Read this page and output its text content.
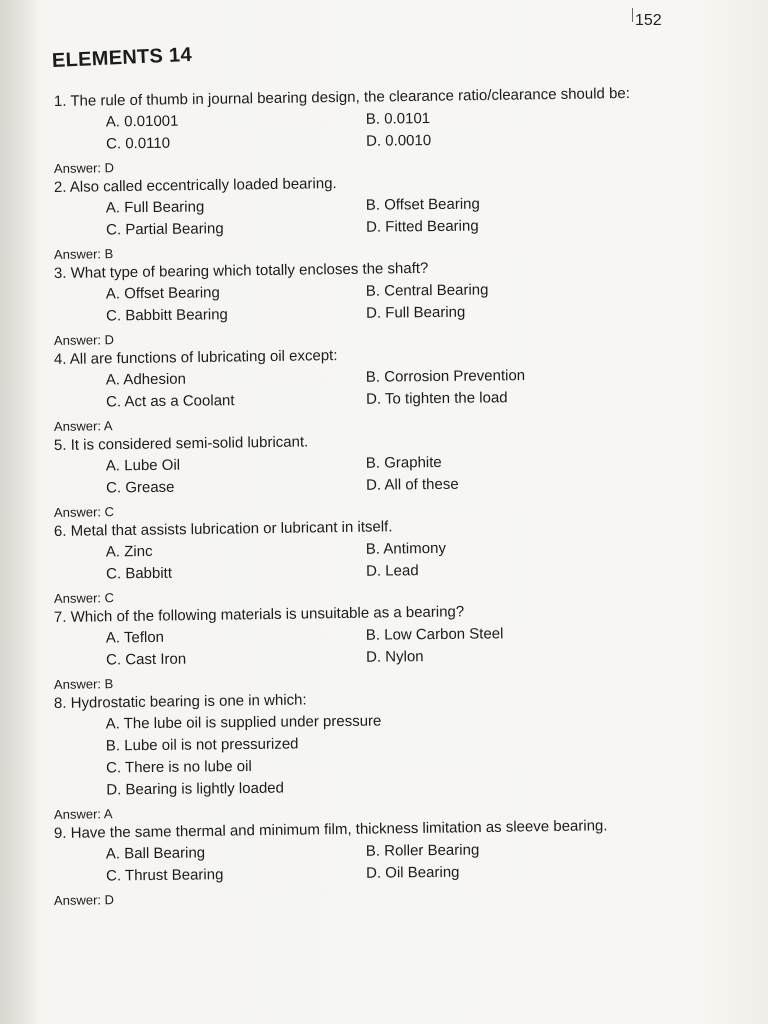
152
ELEMENTS 14
1. The rule of thumb in journal bearing design, the clearance ratio/clearance should be:
A. 0.01001	B. 0.0101
C. 0.0110	D. 0.0010
Answer: D
2. Also called eccentrically loaded bearing.
A. Full Bearing	B. Offset Bearing
C. Partial Bearing	D. Fitted Bearing
Answer: B
3. What type of bearing which totally encloses the shaft?
A. Offset Bearing	B. Central Bearing
C. Babbitt Bearing	D. Full Bearing
Answer: D
4. All are functions of lubricating oil except:
A. Adhesion	B. Corrosion Prevention
C. Act as a Coolant	D. To tighten the load
Answer: A
5. It is considered semi-solid lubricant.
A. Lube Oil	B. Graphite
C. Grease	D. All of these
Answer: C
6. Metal that assists lubrication or lubricant in itself.
A. Zinc	B. Antimony
C. Babbitt	D. Lead
Answer: C
7. Which of the following materials is unsuitable as a bearing?
A. Teflon	B. Low Carbon Steel
C. Cast Iron	D. Nylon
Answer: B
8. Hydrostatic bearing is one in which:
A. The lube oil is supplied under pressure
B. Lube oil is not pressurized
C. There is no lube oil
D. Bearing is lightly loaded
Answer: A
9. Have the same thermal and minimum film, thickness limitation as sleeve bearing.
A. Ball Bearing	B. Roller Bearing
C. Thrust Bearing	D. Oil Bearing
Answer: D
